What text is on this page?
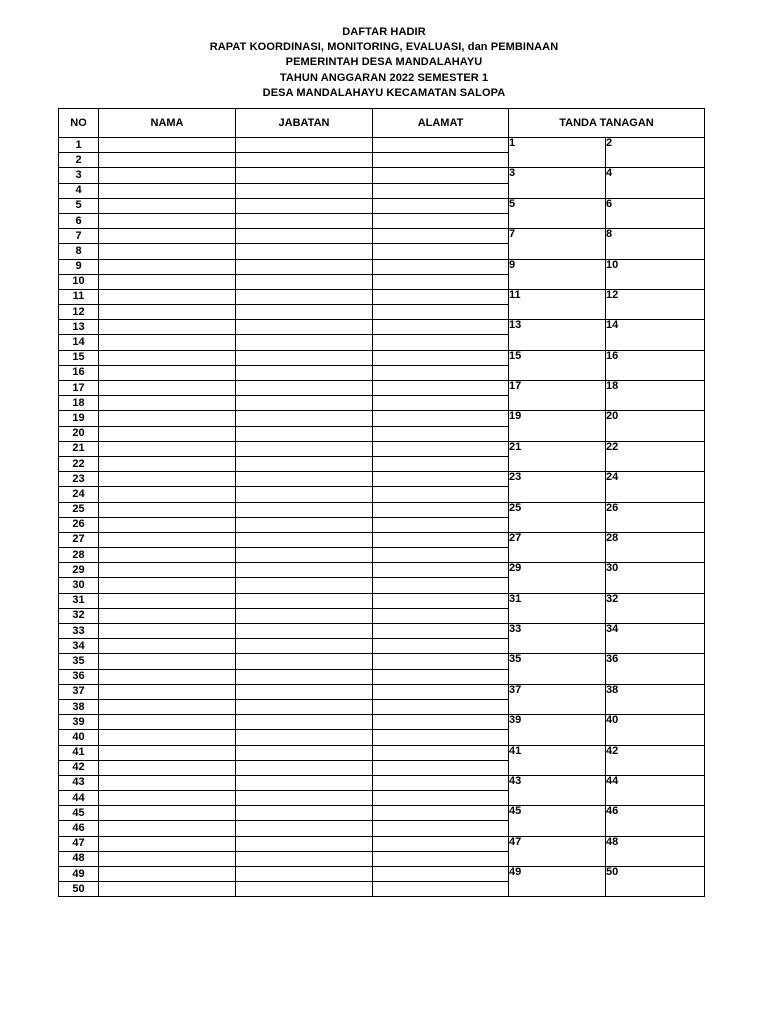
DAFTAR HADIR
RAPAT KOORDINASI, MONITORING, EVALUASI, dan PEMBINAAN
PEMERINTAH DESA MANDALAHAYU
TAHUN ANGGARAN 2022 SEMESTER 1
DESA MANDALAHAYU KECAMATAN SALOPA
NO	NAMA	JABATAN	ALAMAT	TANDA TANAGAN	
1				1	2
2					
3				3	4
4					
5				5	6
6					
7				7	8
8					
9				9	10
10					
11				11	12
12					
13				13	14
14					
15				15	16
16					
17				17	18
18					
19				19	20
20					
21				21	22
22					
23				23	24
24					
25				25	26
26					
27				27	28
28					
29				29	30
30					
31				31	32
32					
33				33	34
34					
35				35	36
36					
37				37	38
38					
39				39	40
40					
41				41	42
42					
43				43	44
44					
45				45	46
46					
47				47	48
48					
49				49	50
50					
